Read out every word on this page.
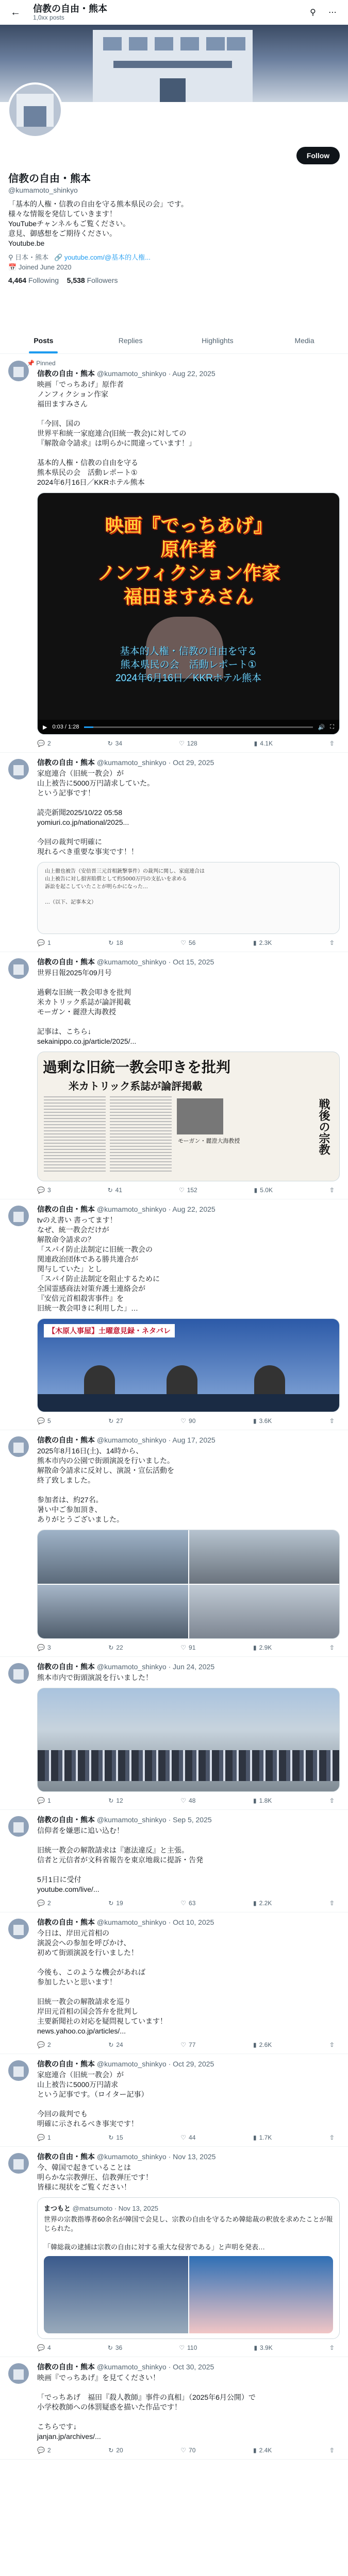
←	信教の自由・熊本
1,0xx posts
⚲	⋯
Follow
信教の自由・熊本
@kumamoto_shinkyo
「基本的人権・信教の自由を守る熊本県民の会」です。
様々な情報を発信していきます！
YouTubeチャンネルもご覧ください。
意見、御感想をご期待ください。
Youtube.be
⚲ 日本・熊本 🔗 youtube.com/@基本的人権...
📅 Joined June 2020
4,464 Following 5,538 Followers
Posts	Replies	Highlights	Media
📌 Pinned
信教の自由・熊本 @kumamoto_shinkyo · Aug 22, 2025
映画「でっちあげ」原作者
ノンフィクション作家
福田ますみさん

「今回、国の
世界平和統一家庭連合(旧統一教会)に対しての
『解散命令請求』は明らかに間違っています！」

基本的人権・信教の自由を守る
熊本県民の会　活動レポート①
2024年6月16日／KKRホテル熊本
映画『でっちあげ』
原作者
ノンフィクション作家
福田ますみさん
基本的人権・信教の自由を守る
熊本県民の会　活動レポート①
2024年6月16日／KKRホテル熊本
▶ 0:03 / 1:28	🔊 ⛶
💬 2	↻ 34	♡ 128	▮ 4.1K	⇧
信教の自由・熊本 @kumamoto_shinkyo · Oct 29, 2025
家庭連合（旧統一教会）が
山上被告に5000万円請求していた。
という記事です！

読売新聞2025/10/22 05:58
yomiuri.co.jp/national/2025...

今回の裁判で明確に
現れるべき重要な事実です！！
山上徹也被告（安倍晋三元首相銃撃事件）の裁判に関し、家庭連合は
山上被告に対し損害賠償として約5000万円の支払いを求める
訴訟を起こしていたことが明らかになった…

…（以下、記事本文）
💬 1	↻ 18	♡ 56	▮ 2.3K	⇧
信教の自由・熊本 @kumamoto_shinkyo · Oct 15, 2025
世界日報2025年09月号

過剰な旧統一教会叩きを批判
米カトリック系誌が論評掲載
モーガン・麗澄大海教授

記事は、こちら↓
sekainippo.co.jp/article/2025/...
過剰な旧統一教会叩きを批判
米カトリック系誌が論評掲載
戦後の宗教
モーガン・麗澄大海教授
💬 3	↻ 41	♡ 152	▮ 5.0K	⇧
信教の自由・熊本 @kumamoto_shinkyo · Aug 22, 2025
tvのえ書い 書ってます！
なぜ、統一教会だけが
解散命令請求の？
「スパイ防止法制定に旧統一教会の
関連政治団体である勝共連合が
関与していた」とし
「スパイ防止法制定を阻止するために
全国霊感商法対策弁護士連絡会が
『安倍元首相殺害事件』を
旧統一教会叩きに利用した」…
【木原人事屋】土曜意見録・ネタバレ
💬 5	↻ 27	♡ 90	▮ 3.6K	⇧
信教の自由・熊本 @kumamoto_shinkyo · Aug 17, 2025
2025年8月16日(土)、14時から、
熊本市内の公園で街頭演説を行いました。
解散命令請求に反対し、演説・宣伝活動を
終了致しました。

参加者は、約27名。
暑い中ご参加頂き、
ありがとうございました。
💬 3	↻ 22	♡ 91	▮ 2.9K	⇧
信教の自由・熊本 @kumamoto_shinkyo · Jun 24, 2025
熊本市内で街頭演説を行いました！
💬 1	↻ 12	♡ 48	▮ 1.8K	⇧
信教の自由・熊本 @kumamoto_shinkyo · Sep 5, 2025
信仰者を嫌悪に追い込む！

旧統一教会の解散請求は『憲法違反』と主張。
信者と元信者が文科省報告を東京地裁に提訴・告発

5月1日に受付
youtube.com/live/...
💬 2	↻ 19	♡ 63	▮ 2.2K	⇧
信教の自由・熊本 @kumamoto_shinkyo · Oct 10, 2025
今日は、岸田元首相の
演説会への参加を呼びかけ、
初めて街頭演説を行いました！

今後も、このような機会があれば
参加したいと思います！

旧統一教会の解散請求を巡り
岸田元首相の国会答弁を批判し
主要新聞社の対応を疑問視しています！
news.yahoo.co.jp/articles/...
💬 2	↻ 24	♡ 77	▮ 2.6K	⇧
信教の自由・熊本 @kumamoto_shinkyo · Oct 29, 2025
家庭連合（旧統一教会）が
山上被告に5000万円請求
という記事です。（ロイター記事）

今回の裁判でも
明確に示されるべき事実です！
💬 1	↻ 15	♡ 44	▮ 1.7K	⇧
信教の自由・熊本 @kumamoto_shinkyo · Nov 13, 2025
今、韓国で起きていることは
明らかな宗教弾圧、信教弾圧です！
皆様に現状をご覧ください！
まつもと @matsumoto · Nov 13, 2025
世界の宗教指導者60余名が韓国で会見し、宗教の自由を守るため韓総裁の釈放を求めたことが報じられた。

「韓総裁の逮捕は宗教の自由に対する重大な侵害である」と声明を発表…
💬 4	↻ 36	♡ 110	▮ 3.9K	⇧
信教の自由・熊本 @kumamoto_shinkyo · Oct 30, 2025
映画『でっちあげ』を見てください！

「でっちあげ　福田『殺人教師』事件の真相」（2025年6月公開）で
小学校教師への体罰疑惑を描いた作品です！

こちらです↓
janjan.jp/archives/...
💬 2	↻ 20	♡ 70	▮ 2.4K	⇧
